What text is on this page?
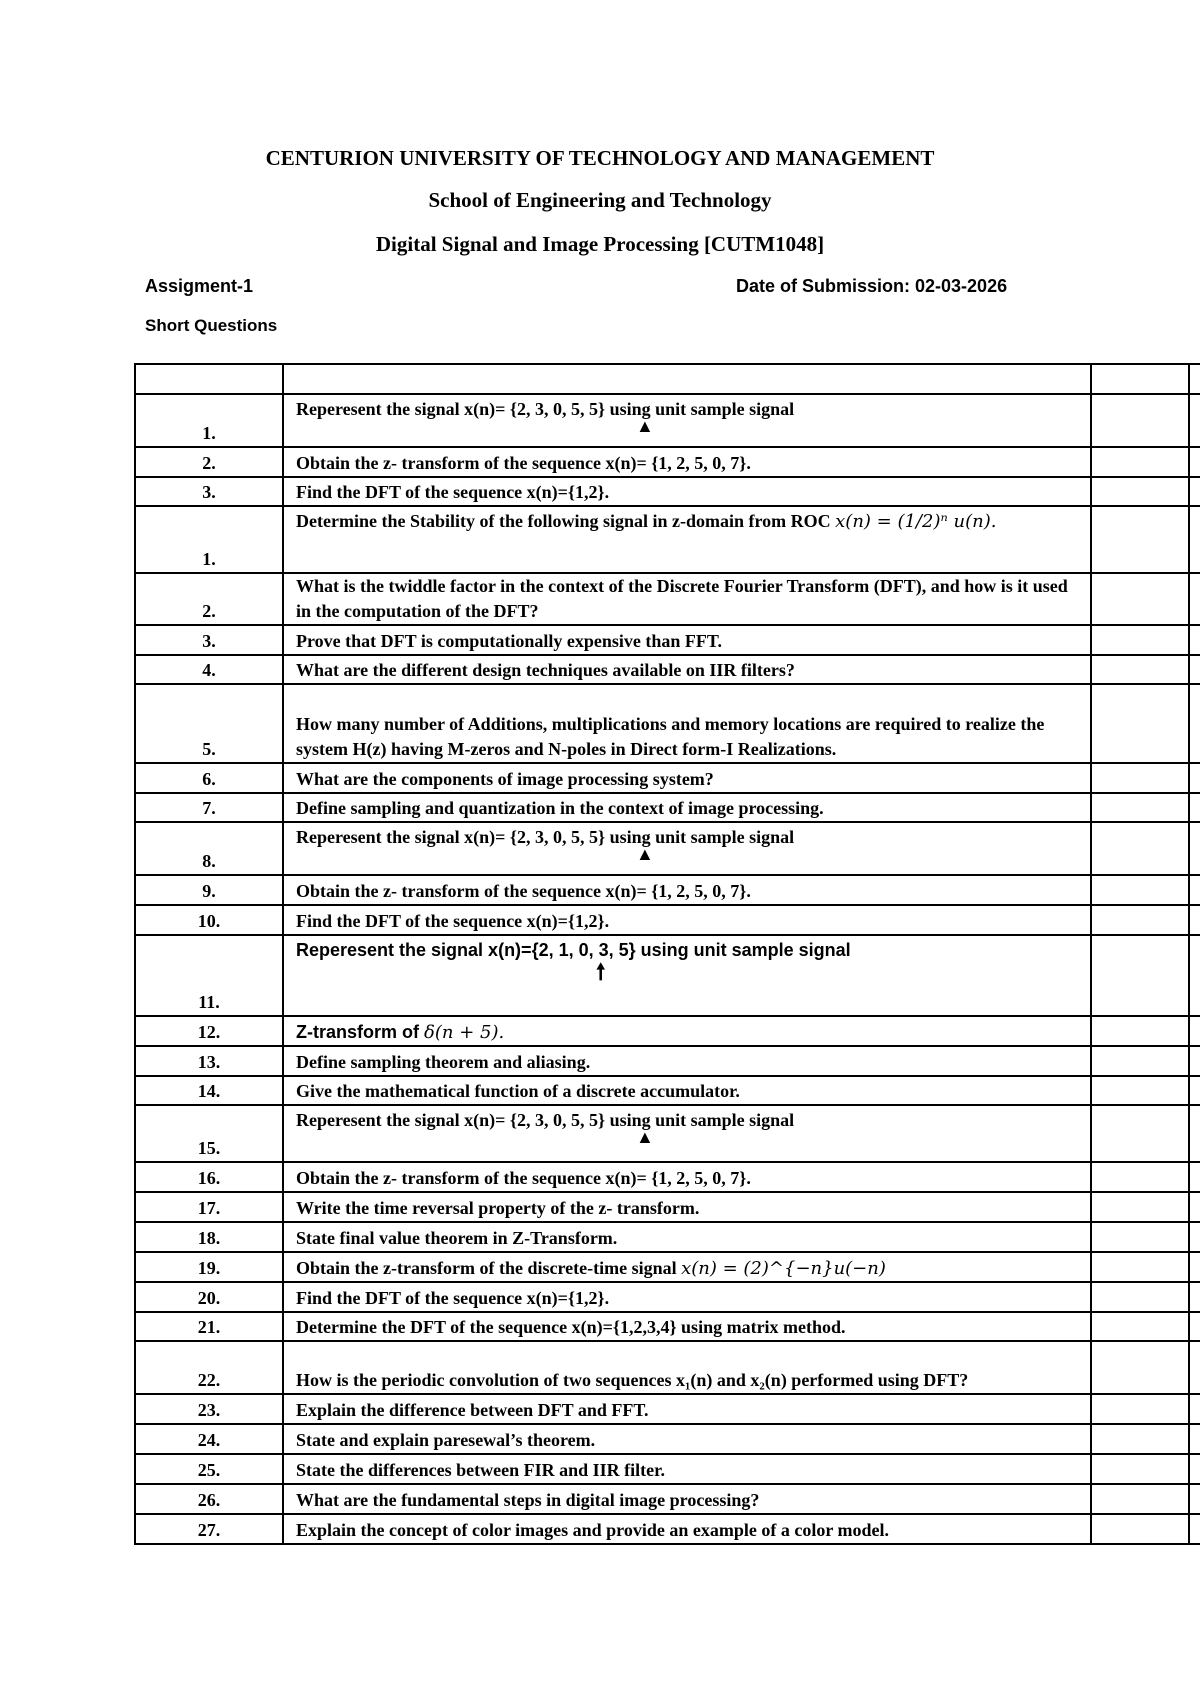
CENTURION UNIVERSITY OF TECHNOLOGY AND MANAGEMENT
School of Engineering and Technology
Digital Signal and Image Processing [CUTM1048]
Assigment-1	Date of Submission: 02-03-2026
Short Questions

1.	Reperesent the signal x(n)= {2, 3, 0, 5, 5} using unit sample signal
▲		

2.	Obtain the z- transform of the sequence x(n)= {1, 2, 5, 0, 7}.		
3.	Find the DFT of the sequence x(n)={1,2}.		
1.	Determine the Stability of the following signal in z-domain from ROC x(n) = (1/2)ⁿ u(n).		
2.	What is the twiddle factor in the context of the Discrete Fourier Transform (DFT), and how is it used in the computation of the DFT?		
3.	Prove that DFT is computationally expensive than FFT.		
4.	What are the different design techniques available on IIR filters?		
5.	How many number of Additions, multiplications and memory locations are required to realize the system H(z) having M-zeros and N-poles in Direct form-I Realizations.		
6.	What are the components of image processing system?		
7.	Define sampling and quantization in the context of image processing.		
8.	Reperesent the signal x(n)= {2, 3, 0, 5, 5} using unit sample signal
▲		

9.	Obtain the z- transform of the sequence x(n)= {1, 2, 5, 0, 7}.		
10.	Find the DFT of the sequence x(n)={1,2}.		
11.	Reperesent the signal x(n)={2, 1, 0, 3, 5} using unit sample signal
🠕		

12.	Z-transform of δ(n + 5).		
13.	Define sampling theorem and aliasing.		
14.	Give the mathematical function of a discrete accumulator.		
15.	Reperesent the signal x(n)= {2, 3, 0, 5, 5} using unit sample signal
▲		

16.	Obtain the z- transform of the sequence x(n)= {1, 2, 5, 0, 7}.		
17.	Write the time reversal property of the z- transform.		
18.	State final value theorem in Z-Transform.		
19.	Obtain the z-transform of the discrete-time signal x(n) = (2)^{−n}u(−n)		
20.	Find the DFT of the sequence x(n)={1,2}.		
21.	Determine the DFT of the sequence x(n)={1,2,3,4} using matrix method.		
22.	How is the periodic convolution of two sequences x₁(n) and x₂(n) performed using DFT?		
23.	Explain the difference between DFT and FFT.		
24.	State and explain paresewal’s theorem.		
25.	State the differences between FIR and IIR filter.		
26.	What are the fundamental steps in digital image processing?		
27.	Explain the concept of color images and provide an example of a color model.		
